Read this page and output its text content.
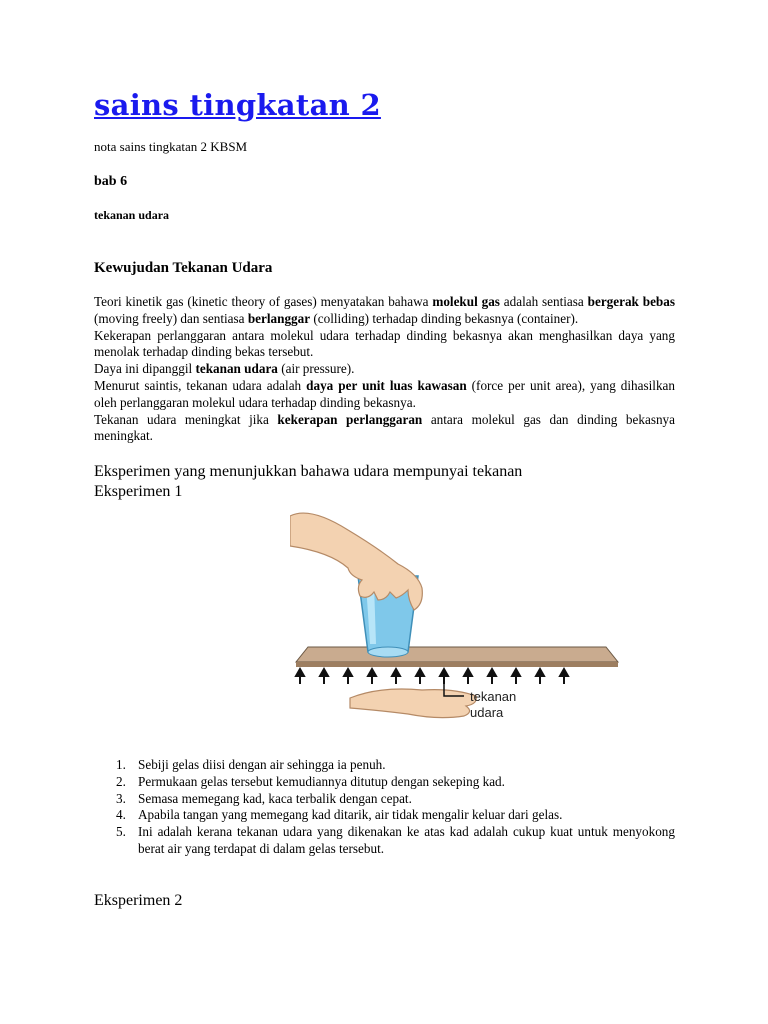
sains tingkatan 2

nota sains tingkatan 2 KBSM

bab 6

tekanan udara

Kewujudan Tekanan Udara

Teori kinetik gas (kinetic theory of gases) menyatakan bahawa molekul gas adalah sentiasa bergerak bebas (moving freely) dan sentiasa berlanggar (colliding) terhadap dinding bekasnya (container).

Kekerapan perlanggaran antara molekul udara terhadap dinding bekasnya akan menghasilkan daya yang menolak terhadap dinding bekas tersebut.

Daya ini dipanggil tekanan udara (air pressure).

Menurut saintis, tekanan udara adalah daya per unit luas kawasan (force per unit area), yang dihasilkan oleh perlanggaran molekul udara terhadap dinding bekasnya.

Tekanan udara meningkat jika kekerapan perlanggaran antara molekul gas dan dinding bekasnya meningkat.

Eksperimen yang menunjukkan bahawa udara mempunyai tekanan
Eksperimen 1
tekanan
udara
1. Sebiji gelas diisi dengan air sehingga ia penuh.
2. Permukaan gelas tersebut kemudiannya ditutup dengan sekeping kad.
3. Semasa memegang kad, kaca terbalik dengan cepat.
4. Apabila tangan yang memegang kad ditarik, air tidak mengalir keluar dari gelas.
5. Ini adalah kerana tekanan udara yang dikenakan ke atas kad adalah cukup kuat untuk menyokong berat air yang terdapat di dalam gelas tersebut.

Eksperimen 2
